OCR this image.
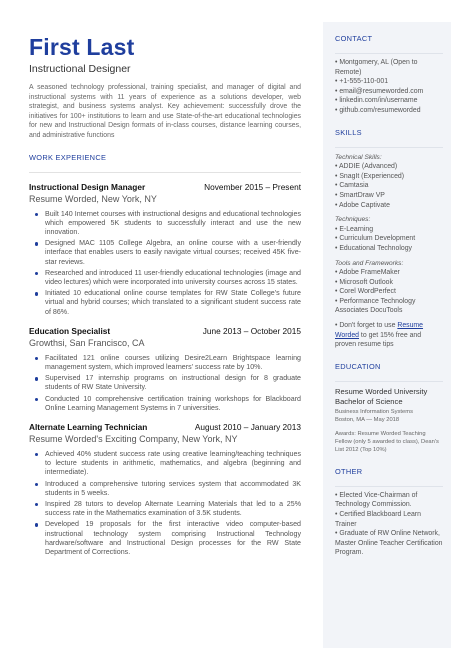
First Last
Instructional Designer

A seasoned technology professional, training specialist, and manager of digital and instructional systems with 11 years of experience as a solutions developer, web strategist, and business systems analyst. Key achievement: successfully drove the initiatives for 100+ institutions to learn and use State-of-the-art educational technologies for new and Instructional Design formats of in-class courses, distance learning courses, and administrative functions

WORK EXPERIENCE
Instructional Design Manager	November 2015 – Present
Resume Worded, New York, NY
Built 140 Internet courses with instructional designs and educational technologies which empowered 5K students to successfully interact and use the new innovation.
Designed MAC 1105 College Algebra, an online course with a user-friendly interface that enables users to easily navigate virtual courses; received 45K five-star reviews.
Researched and introduced 11 user-friendly educational technologies (image and video lectures) which were incorporated into university courses across 15 states.
Initiated 10 educational online course templates for RW State College's future virtual and hybrid courses; which translated to a significant student success rate of 86%.
Education Specialist	June 2013 – October 2015
Growthsi, San Francisco, CA
Facilitated 121 online courses utilizing Desire2Learn Brightspace learning management system, which improved learners' success rate by 10%.
Supervised 17 internship programs on instructional design for 8 graduate students of RW State University.
Conducted 10 comprehensive certification training workshops for Blackboard Online Learning Management Systems in 7 universities.
Alternate Learning Technician	August 2010 – January 2013
Resume Worded's Exciting Company, New York, NY
Achieved 40% student success rate using creative learning/teaching techniques to lecture students in arithmetic, mathematics, and algebra (beginning and intermediate).
Introduced a comprehensive tutoring services system that accommodated 3K students in 5 weeks.
Inspired 28 tutors to develop Alternate Learning Materials that led to a 25% success rate in the Mathematics examination of 3.5K students.
Developed 19 proposals for the first interactive video computer-based instructional technology system comprising Instructional Technology hardware/software and Instructional Design processes for the RW State Department of Corrections.
CONTACT
• Montgomery, AL (Open to Remote)
• +1-555-110-001
• email@resumeworded.com
• linkedin.com/in/username
• github.com/resumeworded
SKILLS
Technical Skills:
• ADDIE (Advanced)
• SnagIt (Experienced)
• Camtasia
• SmartDraw VP
• Adobe Captivate
Techniques:
• E-Learning
• Curriculum Development
• Educational Technology
Tools and Frameworks:
• Adobe FrameMaker
• Microsoft Outlook
• Corel WordPerfect
• Performance Technology Associates DocuTools
• Don't forget to use Resume Worded to get 15% free and proven resume tips
EDUCATION
Resume Worded University
Bachelor of Science
Business Information Systems
Boston, MA — May 2018
Awards: Resume Worded Teaching Fellow (only 5 awarded to class), Dean's List 2012 (Top 10%)
OTHER
• Elected Vice-Chairman of Technology Commission.
• Certified Blackboard Learn Trainer
• Graduate of RW Online Network, Master Online Teacher Certification Program.
